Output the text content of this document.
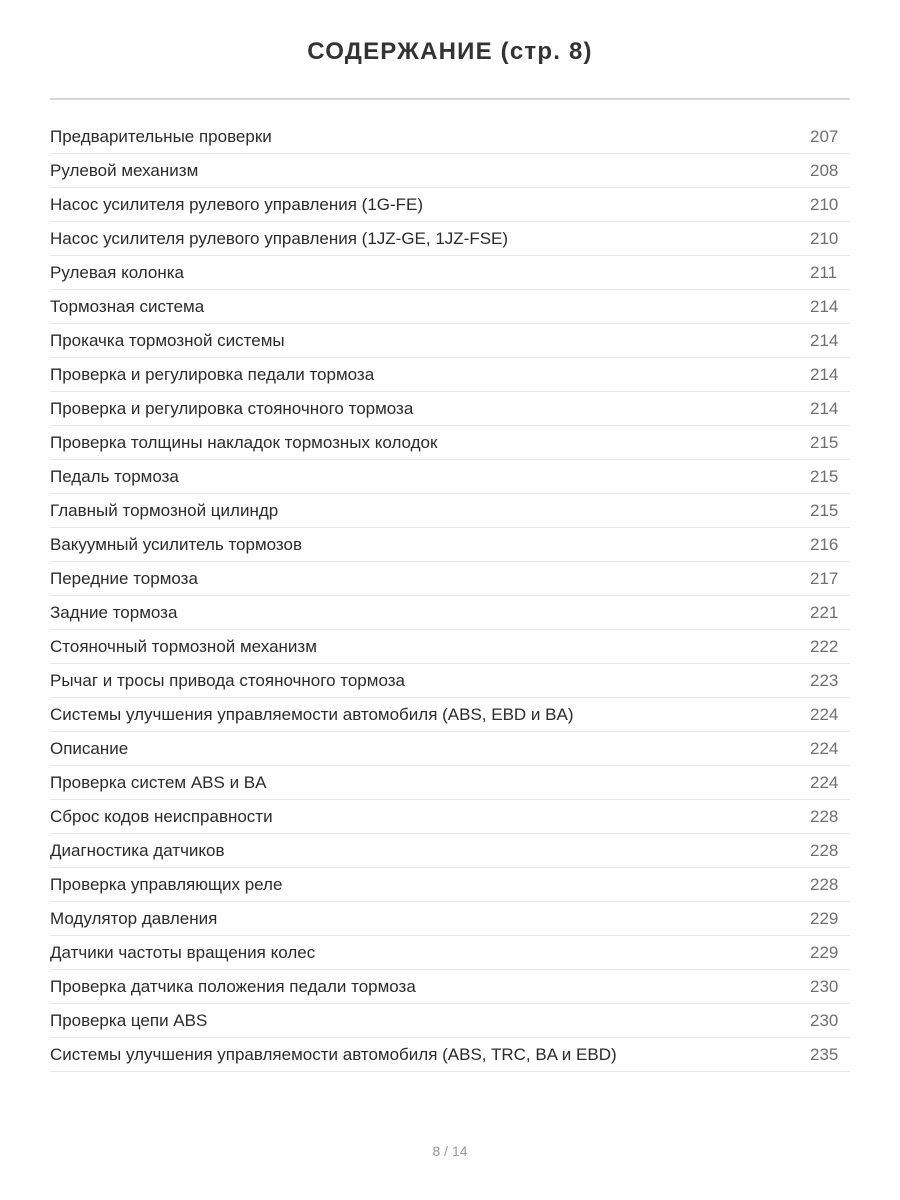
СОДЕРЖАНИЕ (стр. 8)
Предварительные проверки	207
Рулевой механизм	208
Насос усилителя рулевого управления (1G-FE)	210
Насос усилителя рулевого управления (1JZ-GE, 1JZ-FSE)	210
Рулевая колонка	211
Тормозная система	214
Прокачка тормозной системы	214
Проверка и регулировка педали тормоза	214
Проверка и регулировка стояночного тормоза	214
Проверка толщины накладок тормозных колодок	215
Педаль тормоза	215
Главный тормозной цилиндр	215
Вакуумный усилитель тормозов	216
Передние тормоза	217
Задние тормоза	221
Стояночный тормозной механизм	222
Рычаг и тросы привода стояночного тормоза	223
Системы улучшения управляемости автомобиля (ABS, EBD и BA)	224
Описание	224
Проверка систем ABS и BA	224
Сброс кодов неисправности	228
Диагностика датчиков	228
Проверка управляющих реле	228
Модулятор давления	229
Датчики частоты вращения колес	229
Проверка датчика положения педали тормоза	230
Проверка цепи ABS	230
Системы улучшения управляемости автомобиля (ABS, TRC, BA и EBD)	235
8 / 14
